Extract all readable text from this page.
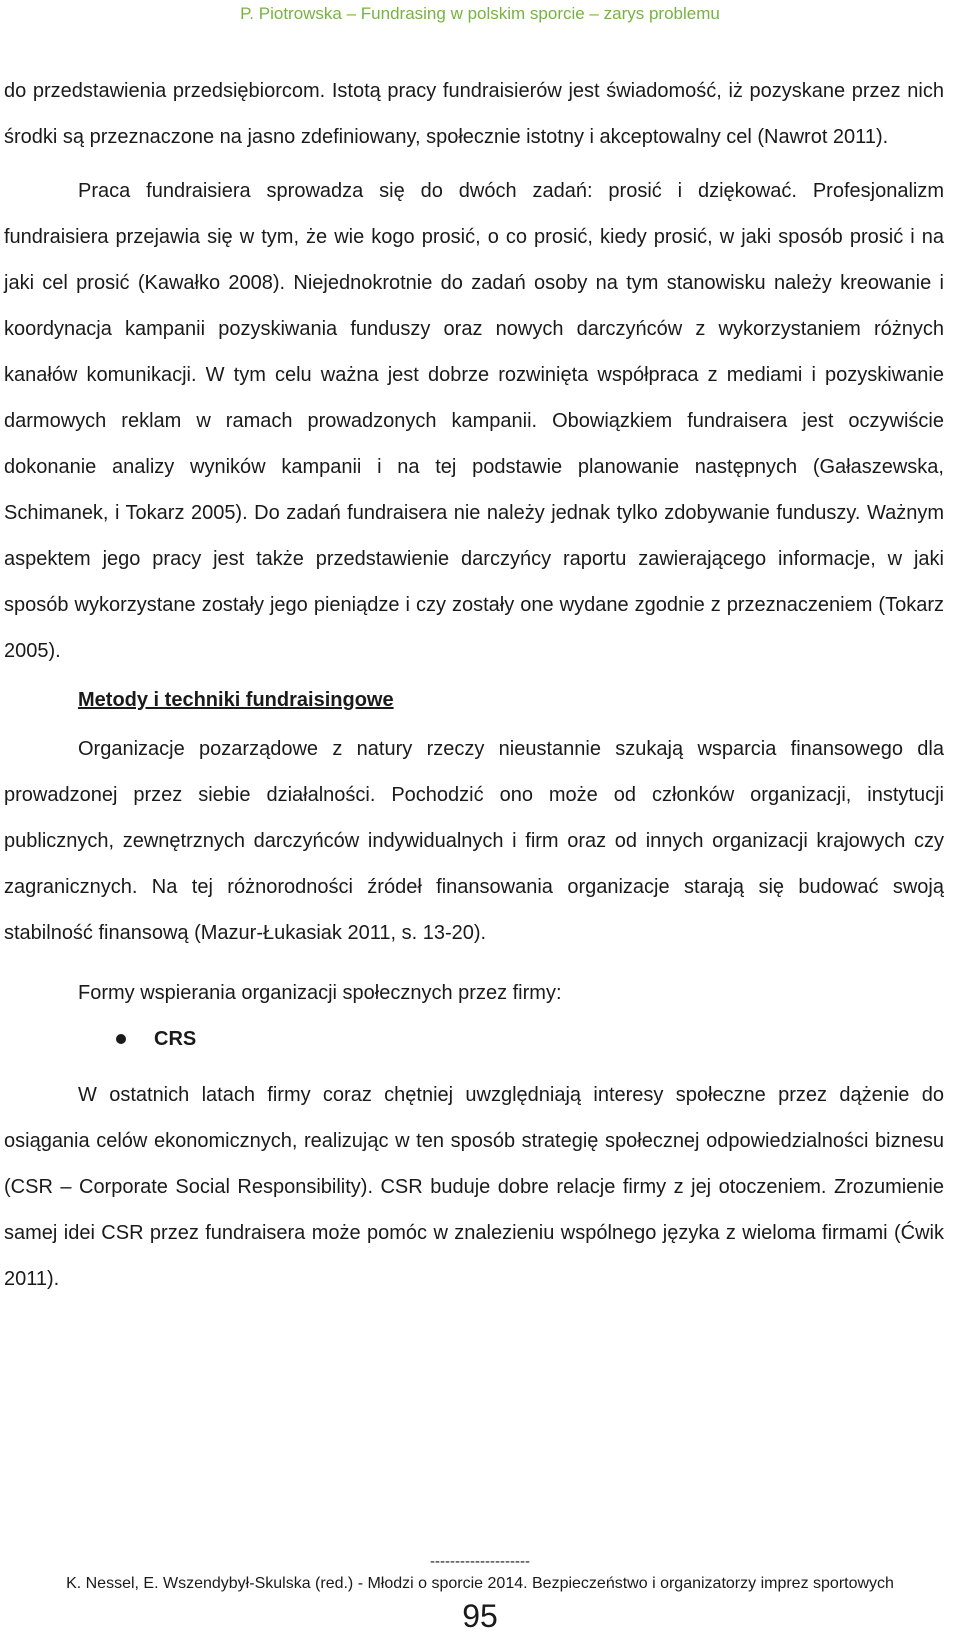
P. Piotrowska – Fundrasing w polskim sporcie – zarys problemu

do przedstawienia przedsiębiorcom. Istotą pracy fundraisierów jest świadomość, iż pozyskane przez nich środki są przeznaczone na jasno zdefiniowany, społecznie istotny i akceptowalny cel (Nawrot 2011).

Praca fundraisiera sprowadza się do dwóch zadań: prosić i dziękować. Profesjonalizm fundraisiera przejawia się w tym, że wie kogo prosić, o co prosić, kiedy prosić, w jaki sposób prosić i na jaki cel prosić (Kawałko 2008). Niejednokrotnie do zadań osoby na tym stanowisku należy kreowanie i koordynacja kampanii pozyskiwania funduszy oraz nowych darczyńców z wykorzystaniem różnych kanałów komunikacji. W tym celu ważna jest dobrze rozwinięta współpraca z mediami i pozyskiwanie darmowych reklam w ramach prowadzonych kampanii. Obowiązkiem fundraisera jest oczywiście dokonanie analizy wyników kampanii i na tej podstawie planowanie następnych (Gałaszewska, Schimanek, i Tokarz 2005). Do zadań fundraisera nie należy jednak tylko zdobywanie funduszy. Ważnym aspektem jego pracy jest także przedstawienie darczyńcy raportu zawierającego informacje, w jaki sposób wykorzystane zostały jego pieniądze i czy zostały one wydane zgodnie z przeznaczeniem (Tokarz 2005).

Metody i techniki fundraisingowe

Organizacje pozarządowe z natury rzeczy nieustannie szukają wsparcia finansowego dla prowadzonej przez siebie działalności. Pochodzić ono może od członków organizacji, instytucji publicznych, zewnętrznych darczyńców indywidualnych i firm oraz od innych organizacji krajowych czy zagranicznych. Na tej różnorodności źródeł finansowania organizacje starają się budować swoją stabilność finansową (Mazur-Łukasiak 2011, s. 13-20).

Formy wspierania organizacji społecznych przez firmy:

CRS

W ostatnich latach firmy coraz chętniej uwzględniają interesy społeczne przez dążenie do osiągania celów ekonomicznych, realizując w ten sposób strategię społecznej odpowiedzialności biznesu (CSR – Corporate Social Responsibility). CSR buduje dobre relacje firmy z jej otoczeniem. Zrozumienie samej idei CSR przez fundraisera może pomóc w znalezieniu wspólnego języka z wieloma firmami (Ćwik 2011).

--------------------
K. Nessel, E. Wszendybył-Skulska (red.) - Młodzi o sporcie 2014. Bezpieczeństwo i organizatorzy imprez sportowych
95
